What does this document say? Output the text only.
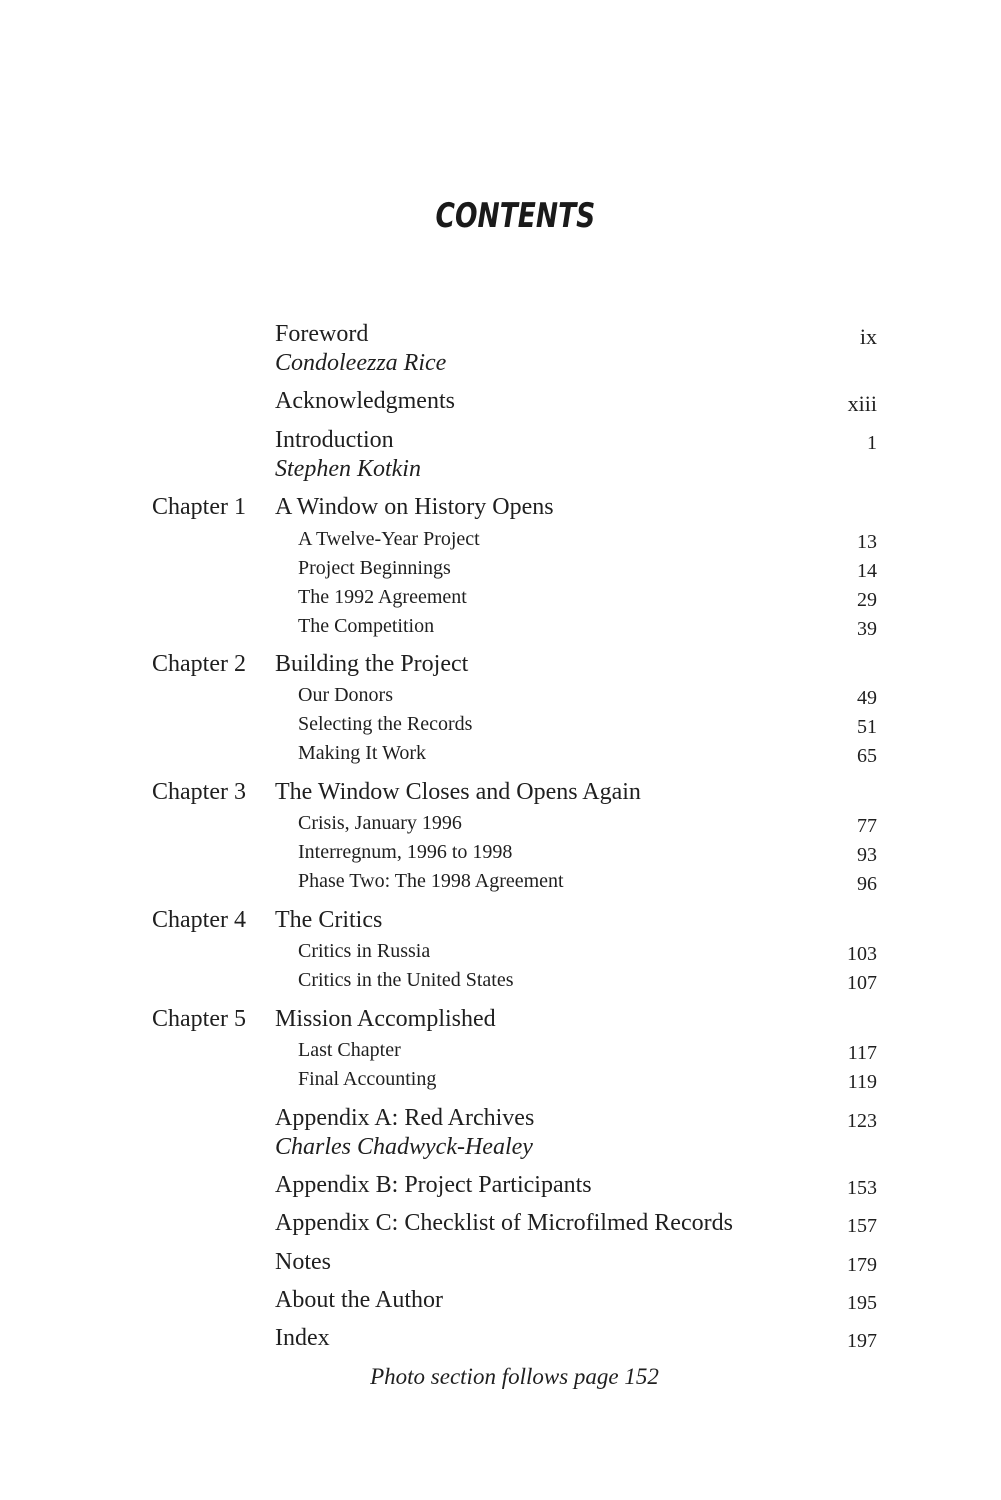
CONTENTS
Foreword	ix
Condoleezza Rice
Acknowledgments	xiii
Introduction	1
Stephen Kotkin
Chapter 1 A Window on History Opens
A Twelve-Year Project	13
Project Beginnings	14
The 1992 Agreement	29
The Competition	39
Chapter 2 Building the Project
Our Donors	49
Selecting the Records	51
Making It Work	65
Chapter 3 The Window Closes and Opens Again
Crisis, January 1996	77
Interregnum, 1996 to 1998	93
Phase Two: The 1998 Agreement	96
Chapter 4 The Critics
Critics in Russia	103
Critics in the United States	107
Chapter 5 Mission Accomplished
Last Chapter	117
Final Accounting	119
Appendix A: Red Archives	123
Charles Chadwyck-Healey
Appendix B: Project Participants	153
Appendix C: Checklist of Microfilmed Records	157
Notes	179
About the Author	195
Index	197
Photo section follows page 152
